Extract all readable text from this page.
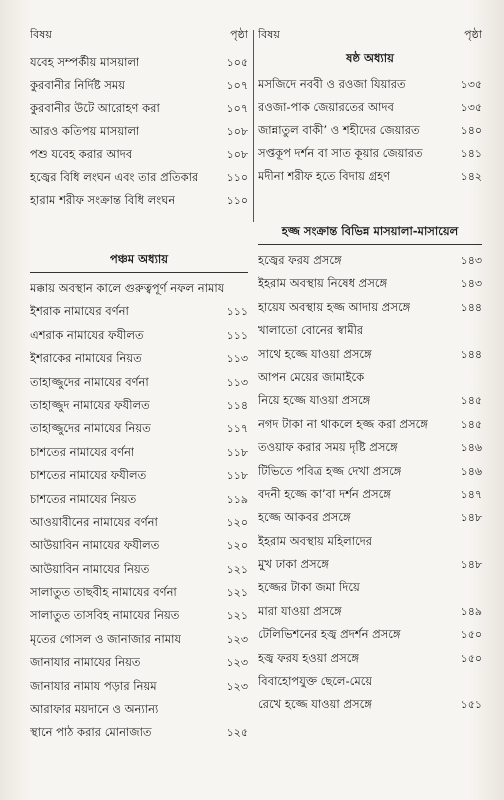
বিষয়	পৃষ্ঠা
যবেহ সম্পর্কীয় মাসয়ালা	১০৫
কুরবানীর নির্দিষ্ট সময়	১০৭
কুরবানীর উটে আরোহণ করা	১০৭
আরও কতিপয় মাসয়ালা	১০৮
পশু যবেহ করার আদব	১০৮
হজ্বের বিধি লংঘন এবং তার প্রতিকার	১১০
হারাম শরীফ সংক্রান্ত বিধি লংঘন	১১০
পঞ্চম অধ্যায়
মক্কায় অবস্থান কালে গুরুত্বপূর্ণ নফল নামায
ইশরাক নামাযের বর্ণনা	১১১
এশরাক নামাযের ফযীলত	১১১
ইশরাকের নামাযের নিয়ত	১১৩
তাহাজ্জুদের নামাযের বর্ণনা	১১৩
তাহাজ্জুদ নামাযের ফযীলত	১১৪
তাহাজ্জুদের নামাযের নিয়ত	১১৭
চাশতের নামাযের বর্ণনা	১১৮
চাশতের নামাযের ফযীলত	১১৮
চাশতের নামাযের নিয়ত	১১৯
আওয়াবীনের নামাযের বর্ণনা	১২০
আউয়াবিন নামাযের ফযীলত	১২০
আউয়াবিন নামাযের নিয়ত	১২১
সালাতুত তাছবীহ নামাযের বর্ণনা	১২১
সালাতুত তাসবিহ নামাযের নিয়ত	১২১
মৃতের গোসল ও জানাজার নামায	১২৩
জানাযার নামাযের নিয়ত	১২৩
জানাযার নামায পড়ার নিয়ম	১২৩
আরাফার ময়দানে ও অন্যান্য
স্থানে পাঠ করার মোনাজাত	১২৫
বিষয়	পৃষ্ঠা
ষষ্ঠ অধ্যায়
মসজিদে নববী ও রওজা যিয়ারত	১৩৫
রওজা-পাক জেয়ারতের আদব	১৩৫
জান্নাতুল বাকী’ ও শহীদের জেয়ারত	১৪০
সপ্তকূপ দর্শন বা সাত কূয়ার জেয়ারত	১৪১
মদীনা শরীফ হতে বিদায় গ্রহণ	১৪২
হজ্জ সংক্রান্ত বিভিন্ন মাসয়ালা-মাসায়েল
হজ্বের ফরয প্রসঙ্গে	১৪৩
ইহরাম অবস্থায় নিষেধ প্রসঙ্গে	১৪৩
হায়েয অবস্থায় হজ্জ আদায় প্রসঙ্গে	১৪৪
খালাতো বোনের স্বামীর
সাথে হজ্জে যাওয়া প্রসঙ্গে	১৪৪
আপন মেয়ের জামাইকে
নিয়ে হজ্জে যাওয়া প্রসঙ্গে	১৪৫
নগদ টাকা না থাকলে হজ্জ করা প্রসঙ্গে	১৪৫
তওয়াফ করার সময় দৃষ্টি প্রসঙ্গে	১৪৬
টিভিতে পবিত্র হজ্জ দেখা প্রসঙ্গে	১৪৬
বদনী হজ্জে কা’বা দর্শন প্রসঙ্গে	১৪৭
হজ্জে আকবর প্রসঙ্গে	১৪৮
ইহরাম অবস্থায় মহিলাদের
মুখ ঢাকা প্রসঙ্গে	১৪৮
হজ্জের টাকা জমা দিয়ে
মারা যাওয়া প্রসঙ্গে	১৪৯
টেলিভিশনের হজ্ব প্রদর্শন প্রসঙ্গে	১৫০
হজ্ব ফরয হওয়া প্রসঙ্গে	১৫০
বিবাহোপযুক্ত ছেলে-মেয়ে
রেখে হজ্জে যাওয়া প্রসঙ্গে	১৫১
